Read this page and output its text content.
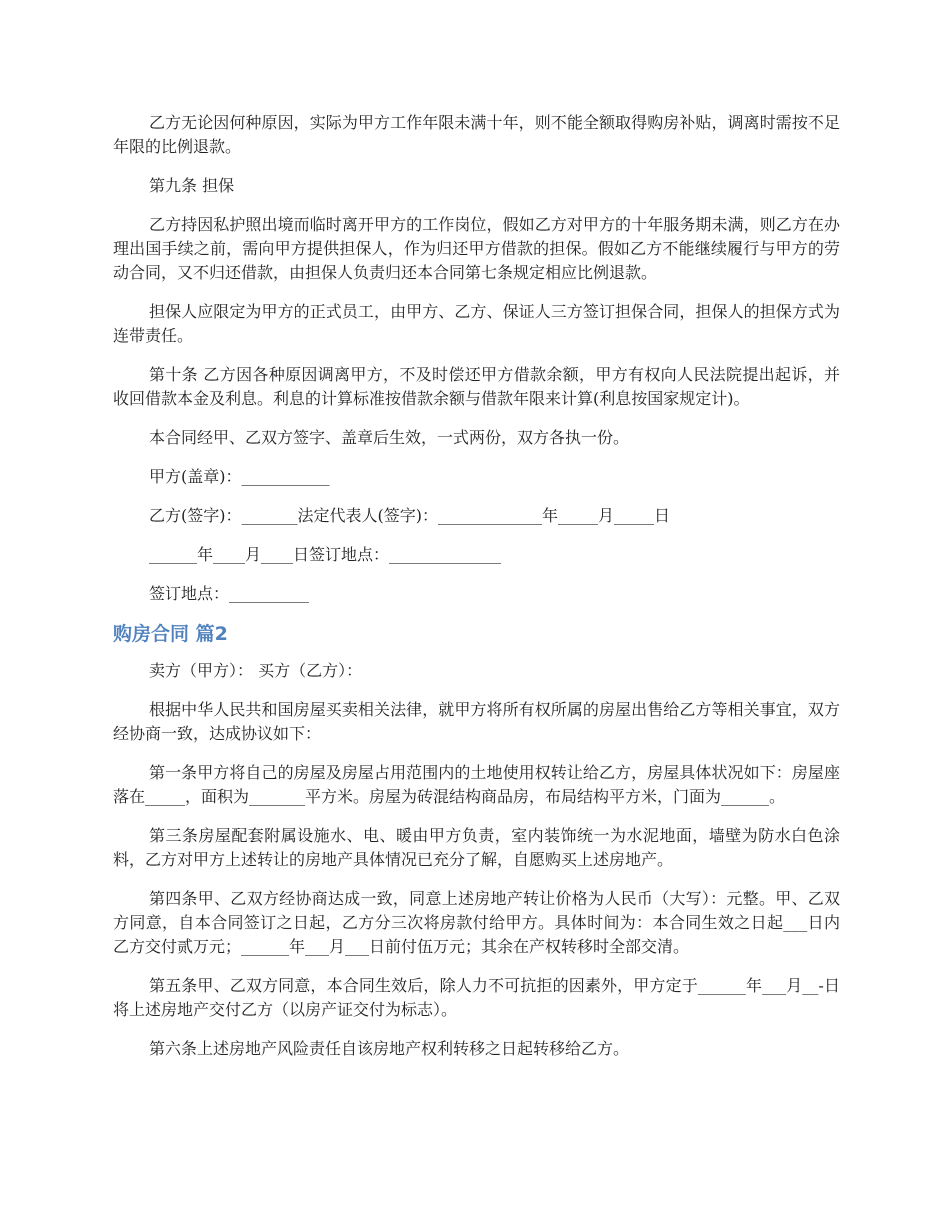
乙方无论因何种原因，实际为甲方工作年限未满十年，则不能全额取得购房补贴，调离时需按不足年限的比例退款。

第九条 担保

乙方持因私护照出境而临时离开甲方的工作岗位，假如乙方对甲方的十年服务期未满，则乙方在办理出国手续之前，需向甲方提供担保人，作为归还甲方借款的担保。假如乙方不能继续履行与甲方的劳动合同，又不归还借款，由担保人负责归还本合同第七条规定相应比例退款。

担保人应限定为甲方的正式员工，由甲方、乙方、保证人三方签订担保合同，担保人的担保方式为连带责任。

第十条 乙方因各种原因调离甲方，不及时偿还甲方借款余额，甲方有权向人民法院提出起诉，并收回借款本金及利息。利息的计算标准按借款余额与借款年限来计算(利息按国家规定计)。

本合同经甲、乙双方签字、盖章后生效，一式两份，双方各执一份。

甲方(盖章)：___________

乙方(签字)：_______法定代表人(签字)：_____________年_____月_____日

______年____月____日签订地点：______________

签订地点：__________

购房合同 篇2

卖方（甲方）： 买方（乙方）：

根据中华人民共和国房屋买卖相关法律，就甲方将所有权所属的房屋出售给乙方等相关事宜，双方经协商一致，达成协议如下：

第一条甲方将自己的房屋及房屋占用范围内的土地使用权转让给乙方，房屋具体状况如下：房屋座落在_____，面积为_______平方米。房屋为砖混结构商品房，布局结构平方米，门面为______。

第三条房屋配套附属设施水、电、暖由甲方负责，室内装饰统一为水泥地面，墙壁为防水白色涂料，乙方对甲方上述转让的房地产具体情况已充分了解，自愿购买上述房地产。

第四条甲、乙双方经协商达成一致，同意上述房地产转让价格为人民币（大写）：元整。甲、乙双方同意，自本合同签订之日起，乙方分三次将房款付给甲方。具体时间为：本合同生效之日起___日内乙方交付贰万元；______年___月___日前付伍万元；其余在产权转移时全部交清。

第五条甲、乙双方同意，本合同生效后，除人力不可抗拒的因素外，甲方定于______年___月__-日将上述房地产交付乙方（以房产证交付为标志）。

第六条上述房地产风险责任自该房地产权利转移之日起转移给乙方。
